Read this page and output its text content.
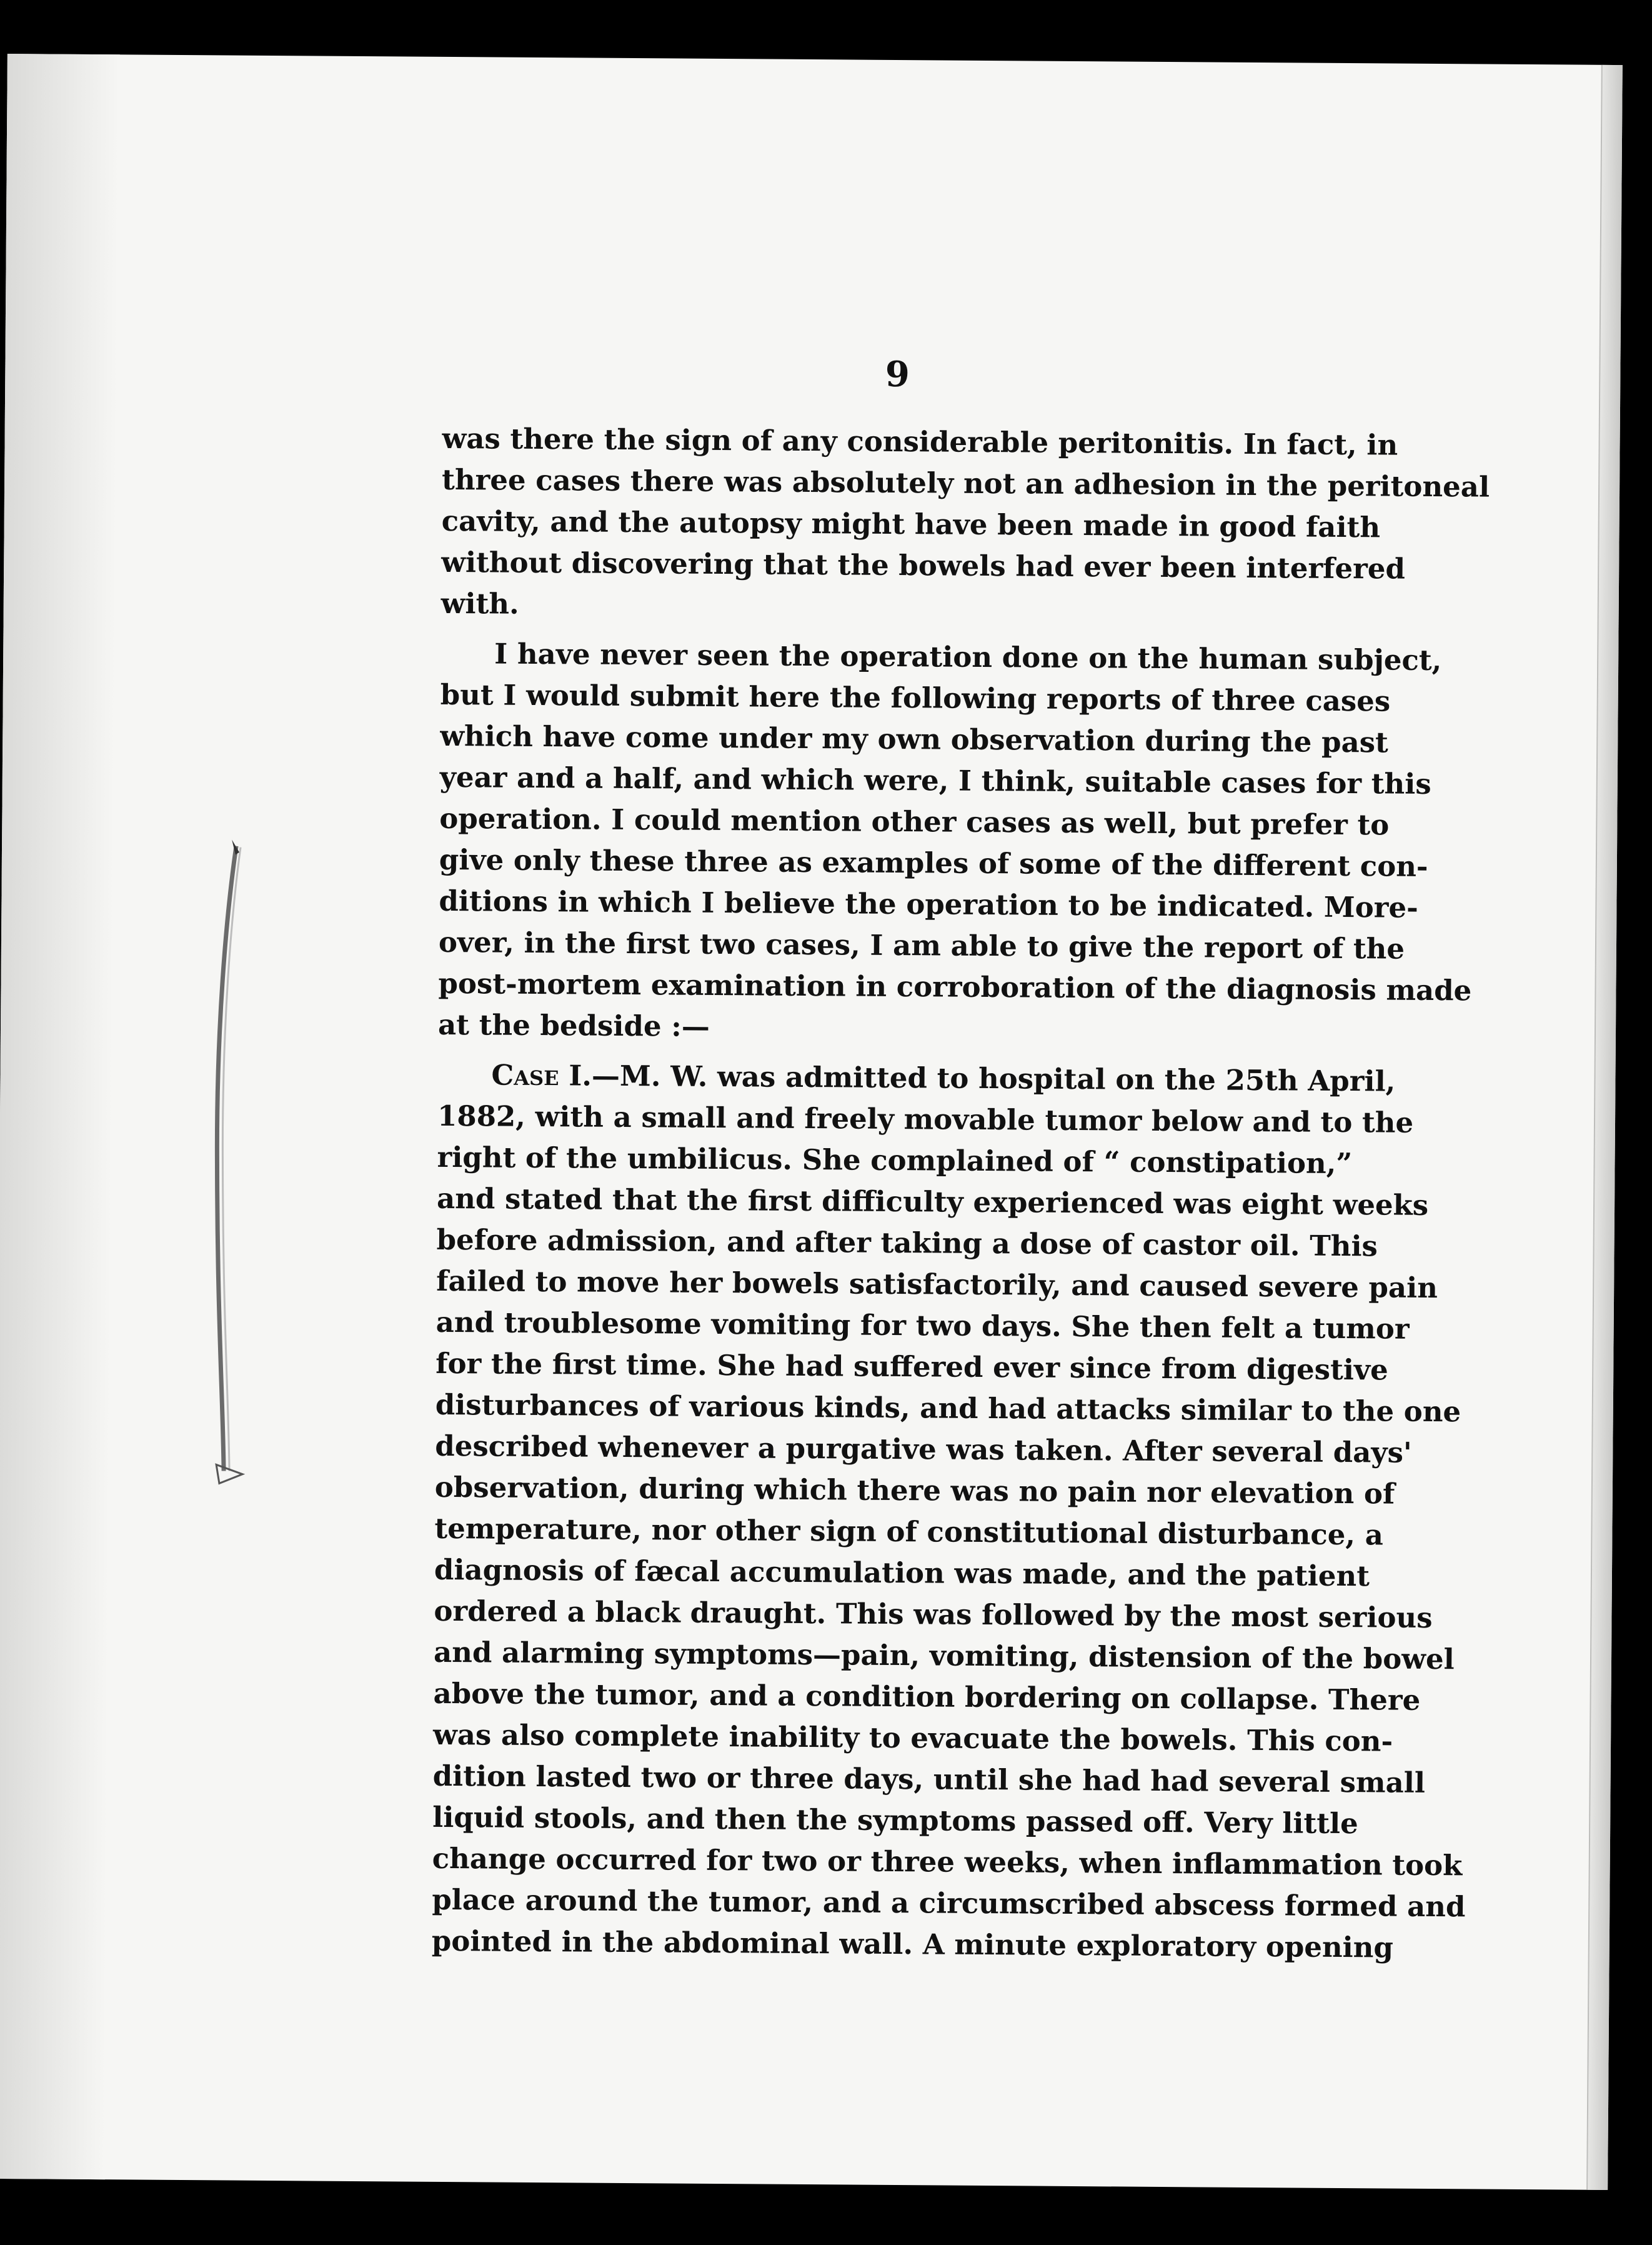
9
was there the sign of any considerable peritonitis. In fact, in
three cases there was absolutely not an adhesion in the peritoneal
cavity, and the autopsy might have been made in good faith
without discovering that the bowels had ever been interfered
with.
I have never seen the operation done on the human subject,
but I would submit here the following reports of three cases
which have come under my own observation during the past
year and a half, and which were, I think, suitable cases for this
operation. I could mention other cases as well, but prefer to
give only these three as examples of some of the different con-
ditions in which I believe the operation to be indicated. More-
over, in the first two cases, I am able to give the report of the
post-mortem examination in corroboration of the diagnosis made
at the bedside :—
Case I.—M. W. was admitted to hospital on the 25th April,
1882, with a small and freely movable tumor below and to the
right of the umbilicus. She complained of “ constipation,”
and stated that the first difficulty experienced was eight weeks
before admission, and after taking a dose of castor oil. This
failed to move her bowels satisfactorily, and caused severe pain
and troublesome vomiting for two days. She then felt a tumor
for the first time. She had suffered ever since from digestive
disturbances of various kinds, and had attacks similar to the one
described whenever a purgative was taken. After several days'
observation, during which there was no pain nor elevation of
temperature, nor other sign of constitutional disturbance, a
diagnosis of fæcal accumulation was made, and the patient
ordered a black draught. This was followed by the most serious
and alarming symptoms—pain, vomiting, distension of the bowel
above the tumor, and a condition bordering on collapse. There
was also complete inability to evacuate the bowels. This con-
dition lasted two or three days, until she had had several small
liquid stools, and then the symptoms passed off. Very little
change occurred for two or three weeks, when inflammation took
place around the tumor, and a circumscribed abscess formed and
pointed in the abdominal wall. A minute exploratory opening
